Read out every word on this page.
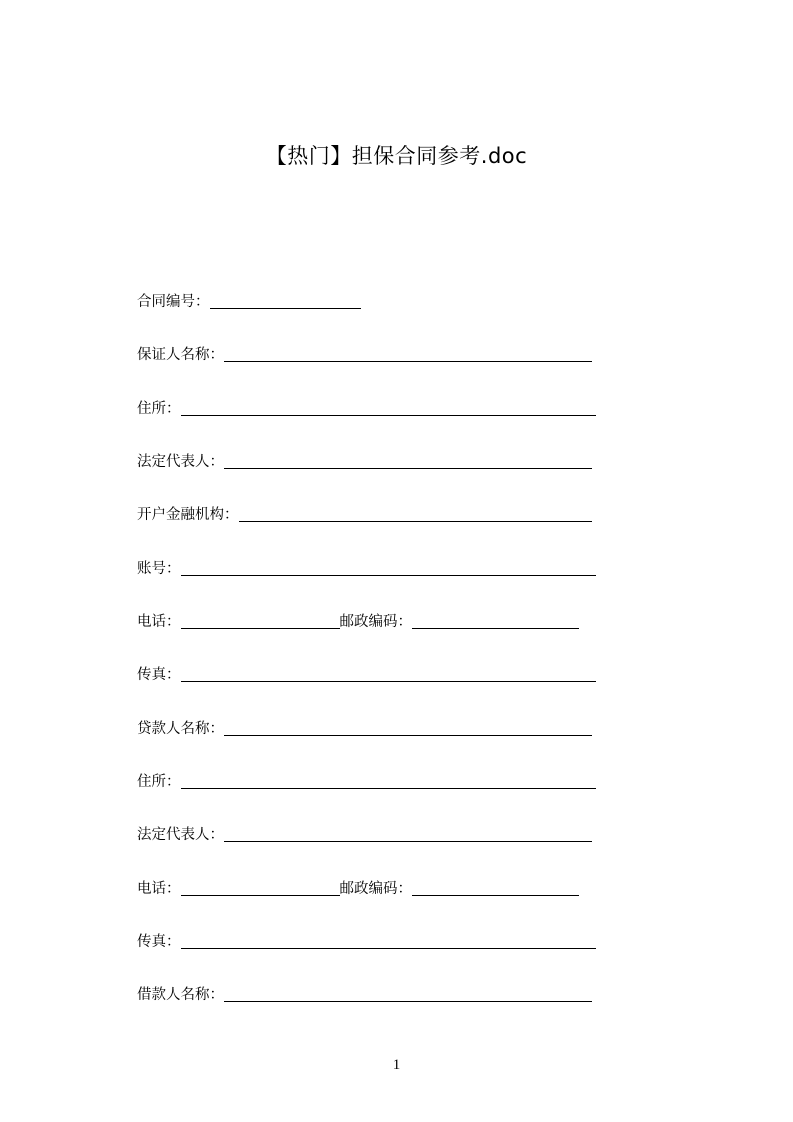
【热门】担保合同参考.doc
合同编号：
保证人名称：
住所：
法定代表人：
开户金融机构：
账号：
电话：	邮政编码：
传真：
贷款人名称：
住所：
法定代表人：
电话：	邮政编码：
传真：
借款人名称：
1
